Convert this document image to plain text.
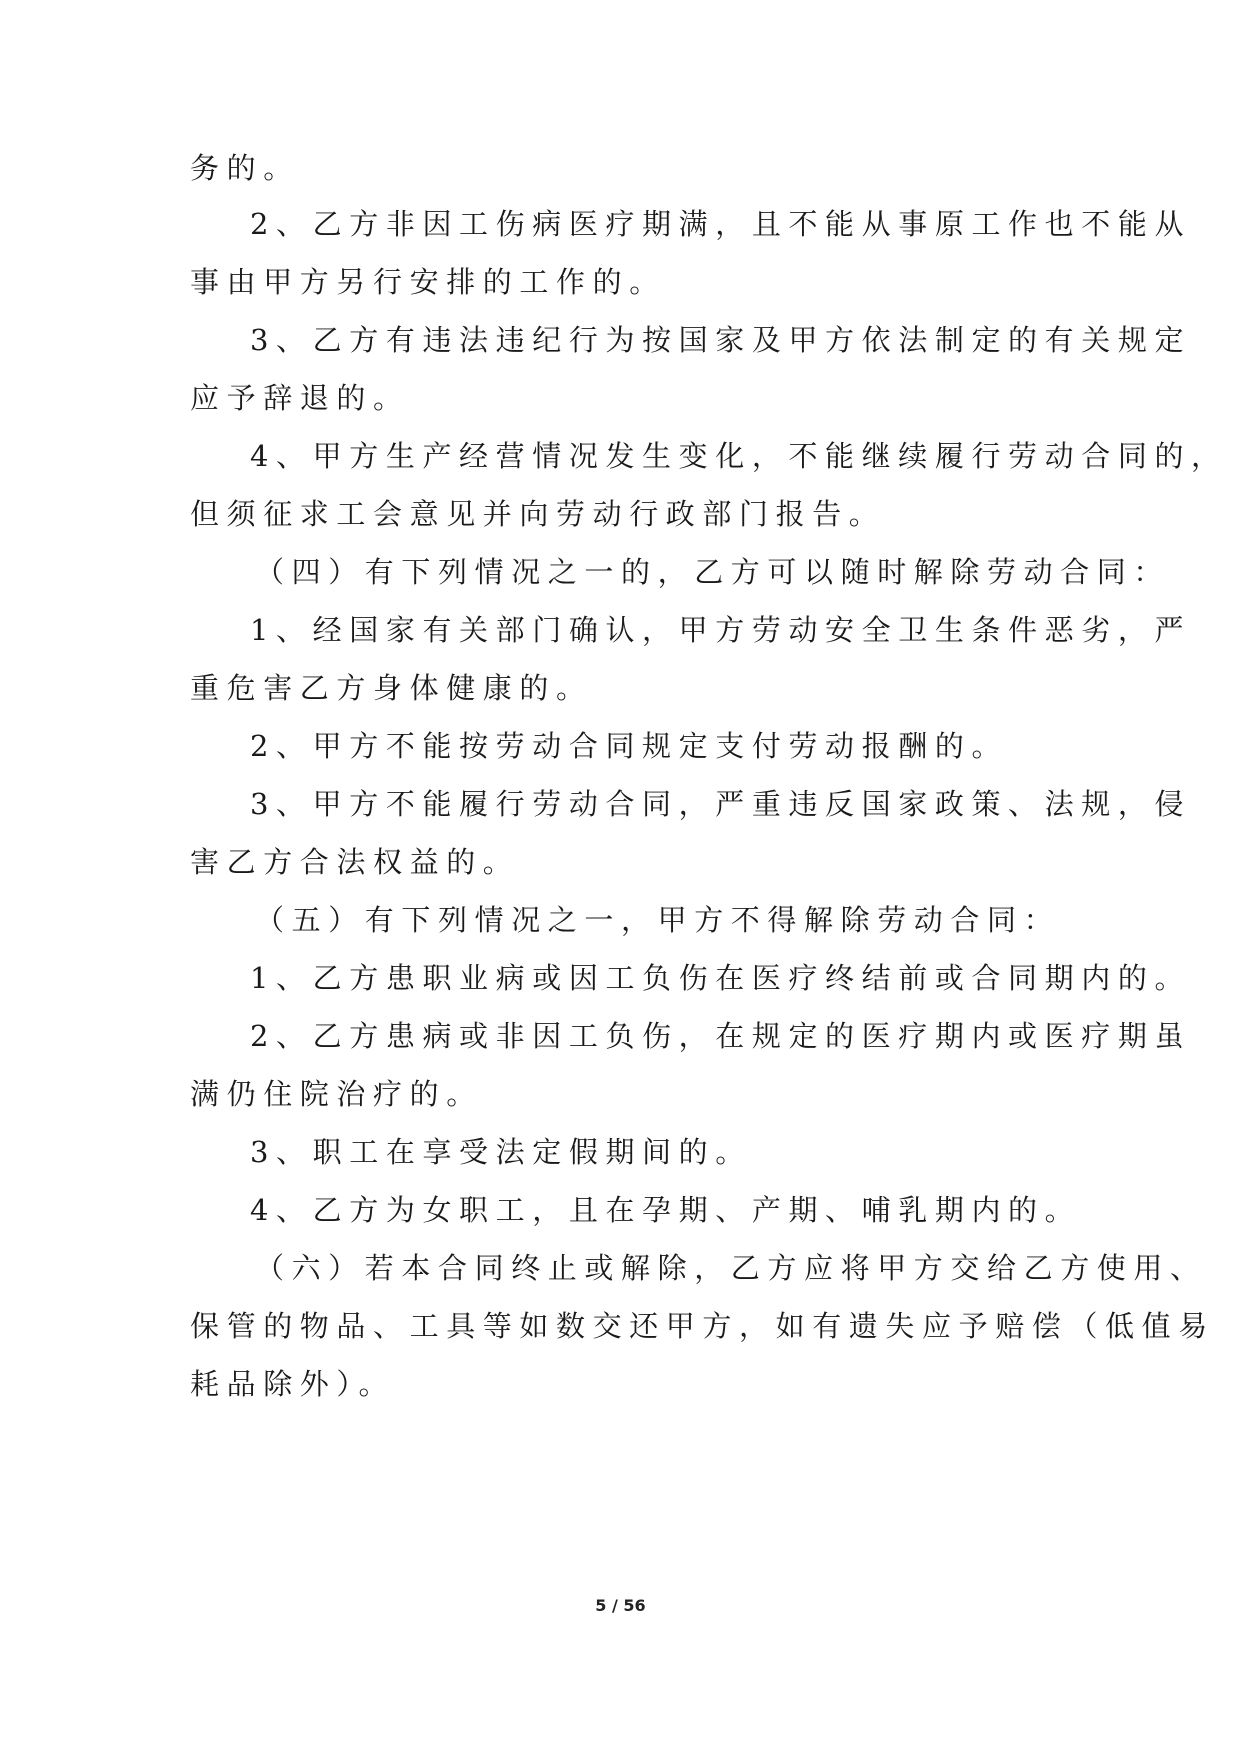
务的。
2、乙方非因工伤病医疗期满，且不能从事原工作也不能从
事由甲方另行安排的工作的。
3、乙方有违法违纪行为按国家及甲方依法制定的有关规定
应予辞退的。
4、甲方生产经营情况发生变化，不能继续履行劳动合同的，
但须征求工会意见并向劳动行政部门报告。
（四）有下列情况之一的，乙方可以随时解除劳动合同：
1、经国家有关部门确认，甲方劳动安全卫生条件恶劣，严
重危害乙方身体健康的。
2、甲方不能按劳动合同规定支付劳动报酬的。
3、甲方不能履行劳动合同，严重违反国家政策、法规，侵
害乙方合法权益的。
（五）有下列情况之一，甲方不得解除劳动合同：
1、乙方患职业病或因工负伤在医疗终结前或合同期内的。
2、乙方患病或非因工负伤，在规定的医疗期内或医疗期虽
满仍住院治疗的。
3、职工在享受法定假期间的。
4、乙方为女职工，且在孕期、产期、哺乳期内的。
（六）若本合同终止或解除，乙方应将甲方交给乙方使用、
保管的物品、工具等如数交还甲方，如有遗失应予赔偿（低值易
耗品除外）。
5 / 56
